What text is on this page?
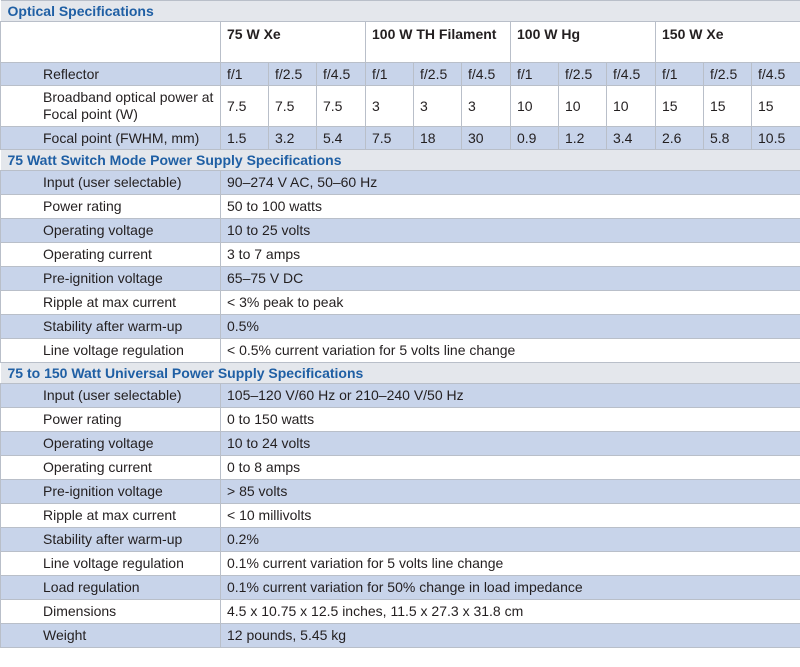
Optical Specifications												
	75 W Xe			100 W TH Filament			100 W Hg			150 W Xe		
Reflector	f/1	f/2.5	f/4.5	f/1	f/2.5	f/4.5	f/1	f/2.5	f/4.5	f/1	f/2.5	f/4.5
Broadband optical power at Focal point (W)	7.5	7.5	7.5	3	3	3	10	10	10	15	15	15
Focal point (FWHM, mm)	1.5	3.2	5.4	7.5	18	30	0.9	1.2	3.4	2.6	5.8	10.5
75 Watt Switch Mode Power Supply Specifications												
Input (user selectable)	90–274 V AC, 50–60 Hz											
Power rating	50 to 100 watts											
Operating voltage	10 to 25 volts											
Operating current	3 to 7 amps											
Pre-ignition voltage	65–75 V DC											
Ripple at max current	< 3% peak to peak											
Stability after warm-up	0.5%											
Line voltage regulation	< 0.5% current variation for 5 volts line change											
75 to 150 Watt Universal Power Supply Specifications												
Input (user selectable)	105–120 V/60 Hz or 210–240 V/50 Hz											
Power rating	0 to 150 watts											
Operating voltage	10 to 24 volts											
Operating current	0 to 8 amps											
Pre-ignition voltage	> 85 volts											
Ripple at max current	< 10 millivolts											
Stability after warm-up	0.2%											
Line voltage regulation	0.1% current variation for 5 volts line change											
Load regulation	0.1% current variation for 50% change in load impedance											
Dimensions	4.5 x 10.75 x 12.5 inches, 11.5 x 27.3 x 31.8 cm											
Weight	12 pounds, 5.45 kg											
